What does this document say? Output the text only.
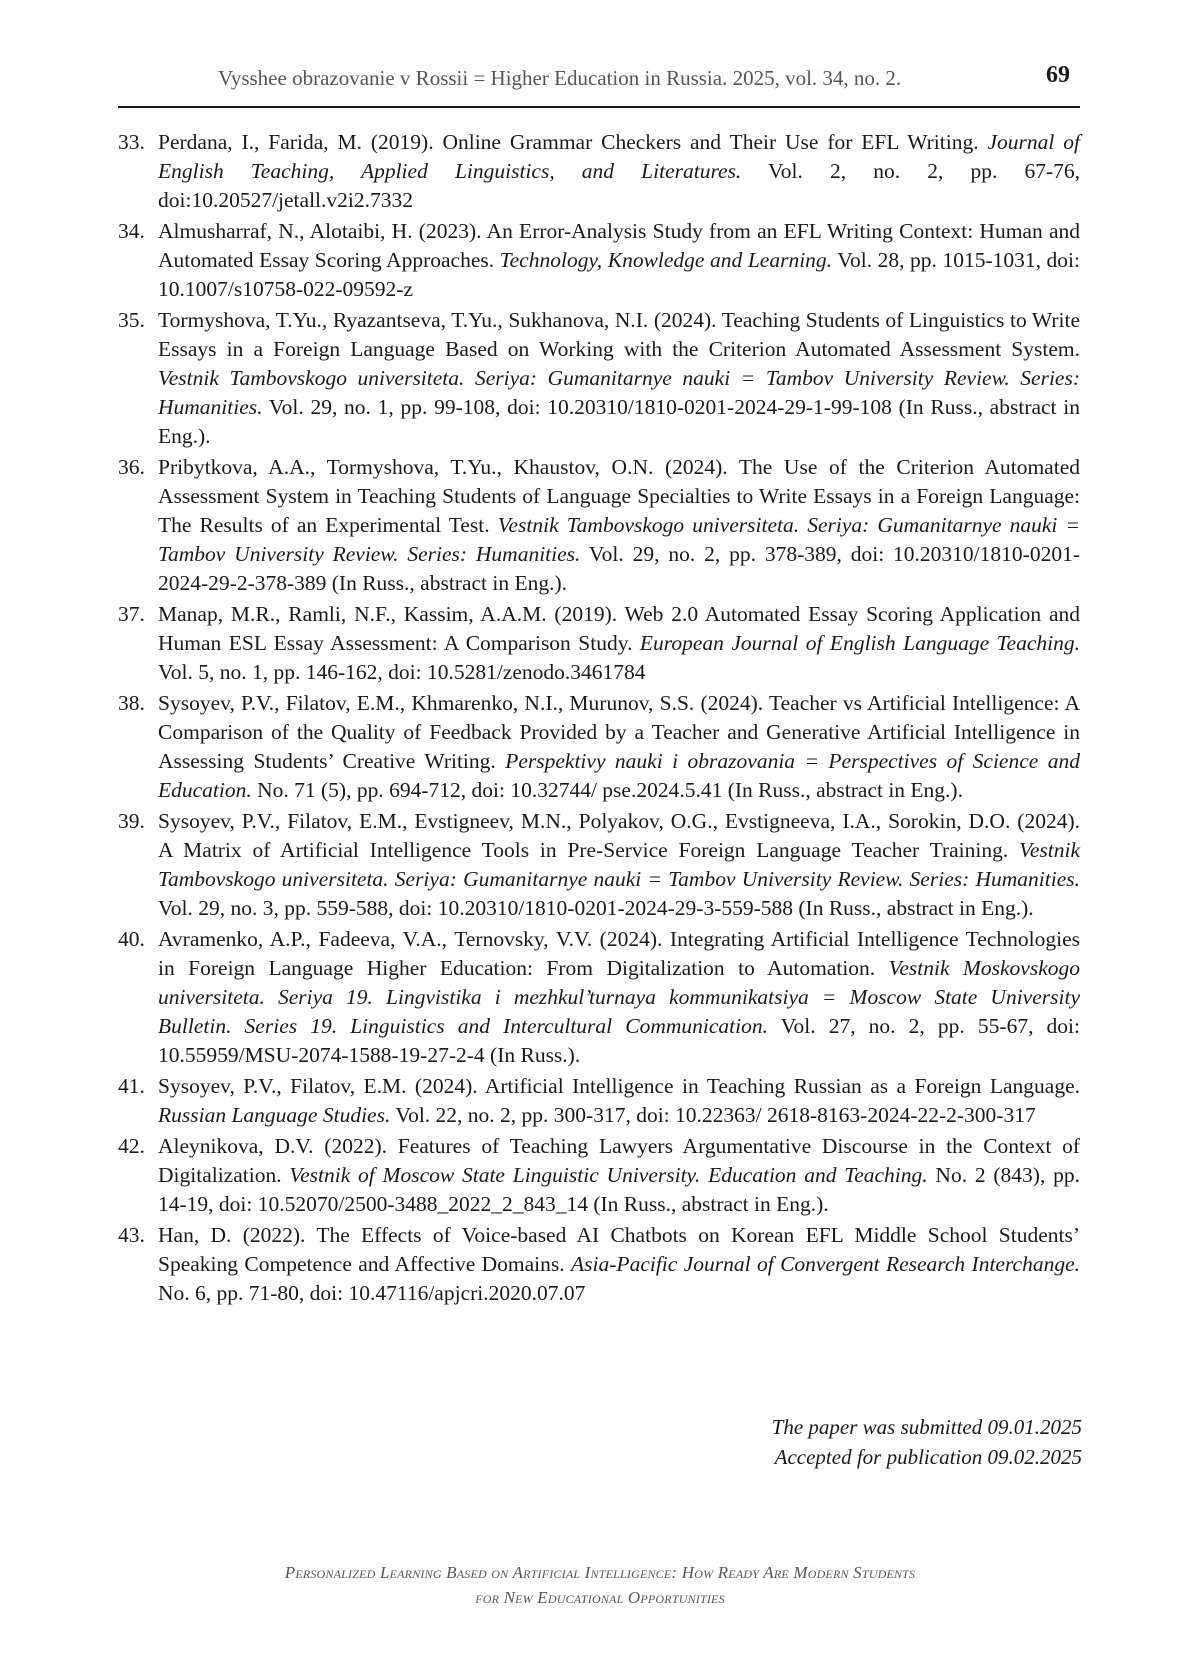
Vysshee obrazovanie v Rossii = Higher Education in Russia. 2025, vol. 34, no. 2.	69
33. Perdana, I., Farida, M. (2019). Online Grammar Checkers and Their Use for EFL Writing. Journal of English Teaching, Applied Linguistics, and Literatures. Vol. 2, no. 2, pp. 67-76, doi:10.20527/jetall.v2i2.7332
34. Almusharraf, N., Alotaibi, H. (2023). An Error-Analysis Study from an EFL Writing Context: Human and Automated Essay Scoring Approaches. Technology, Knowledge and Learning. Vol. 28, pp. 1015-1031, doi: 10.1007/s10758-022-09592-z
35. Tormyshova, T.Yu., Ryazantseva, T.Yu., Sukhanova, N.I. (2024). Teaching Students of Linguistics to Write Essays in a Foreign Language Based on Working with the Criterion Automated Assessment System. Vestnik Tambovskogo universiteta. Seriya: Gumanitarnye nauki = Tambov University Review. Series: Humanities. Vol. 29, no. 1, pp. 99-108, doi: 10.20310/1810-0201-2024-29-1-99-108 (In Russ., abstract in Eng.).
36. Pribytkova, A.A., Tormyshova, T.Yu., Khaustov, O.N. (2024). The Use of the Criterion Automated Assessment System in Teaching Students of Language Specialties to Write Essays in a Foreign Language: The Results of an Experimental Test. Vestnik Tambovskogo universiteta. Seriya: Gumanitarnye nauki = Tambov University Review. Series: Humanities. Vol. 29, no. 2, pp. 378-389, doi: 10.20310/1810-0201-2024-29-2-378-389 (In Russ., abstract in Eng.).
37. Manap, M.R., Ramli, N.F., Kassim, A.A.M. (2019). Web 2.0 Automated Essay Scoring Application and Human ESL Essay Assessment: A Comparison Study. European Journal of English Language Teaching. Vol. 5, no. 1, pp. 146-162, doi: 10.5281/zenodo.3461784
38. Sysoyev, P.V., Filatov, E.M., Khmarenko, N.I., Murunov, S.S. (2024). Teacher vs Artificial Intelligence: A Comparison of the Quality of Feedback Provided by a Teacher and Generative Artificial Intelligence in Assessing Students’ Creative Writing. Perspektivy nauki i obrazovania = Perspectives of Science and Education. No. 71 (5), pp. 694-712, doi: 10.32744/ pse.2024.5.41 (In Russ., abstract in Eng.).
39. Sysoyev, P.V., Filatov, E.M., Evstigneev, M.N., Polyakov, O.G., Evstigneeva, I.A., Sorokin, D.O. (2024). A Matrix of Artificial Intelligence Tools in Pre-Service Foreign Language Teacher Training. Vestnik Tambovskogo universiteta. Seriya: Gumanitarnye nauki = Tambov University Review. Series: Humanities. Vol. 29, no. 3, pp. 559-588, doi: 10.20310/1810-0201-2024-29-3-559-588 (In Russ., abstract in Eng.).
40. Avramenko, A.P., Fadeeva, V.A., Ternovsky, V.V. (2024). Integrating Artificial Intelligence Technologies in Foreign Language Higher Education: From Digitalization to Automation. Vestnik Moskovskogo universiteta. Seriya 19. Lingvistika i mezhkul’turnaya kommunikatsiya = Moscow State University Bulletin. Series 19. Linguistics and Intercultural Communication. Vol. 27, no. 2, pp. 55-67, doi: 10.55959/MSU-2074-1588-19-27-2-4 (In Russ.).
41. Sysoyev, P.V., Filatov, E.M. (2024). Artificial Intelligence in Teaching Russian as a Foreign Language. Russian Language Studies. Vol. 22, no. 2, pp. 300-317, doi: 10.22363/ 2618-8163-2024-22-2-300-317
42. Aleynikova, D.V. (2022). Features of Teaching Lawyers Argumentative Discourse in the Context of Digitalization. Vestnik of Moscow State Linguistic University. Education and Teaching. No. 2 (843), pp. 14-19, doi: 10.52070/2500-3488_2022_2_843_14 (In Russ., abstract in Eng.).
43. Han, D. (2022). The Effects of Voice-based AI Chatbots on Korean EFL Middle School Students’ Speaking Competence and Affective Domains. Asia-Pacific Journal of Convergent Research Interchange. No. 6, pp. 71-80, doi: 10.47116/apjcri.2020.07.07
The paper was submitted 09.01.2025
Accepted for publication 09.02.2025
Personalized Learning Based on Artificial Intelligence: How Ready Are Modern Students
for New Educational Opportunities
